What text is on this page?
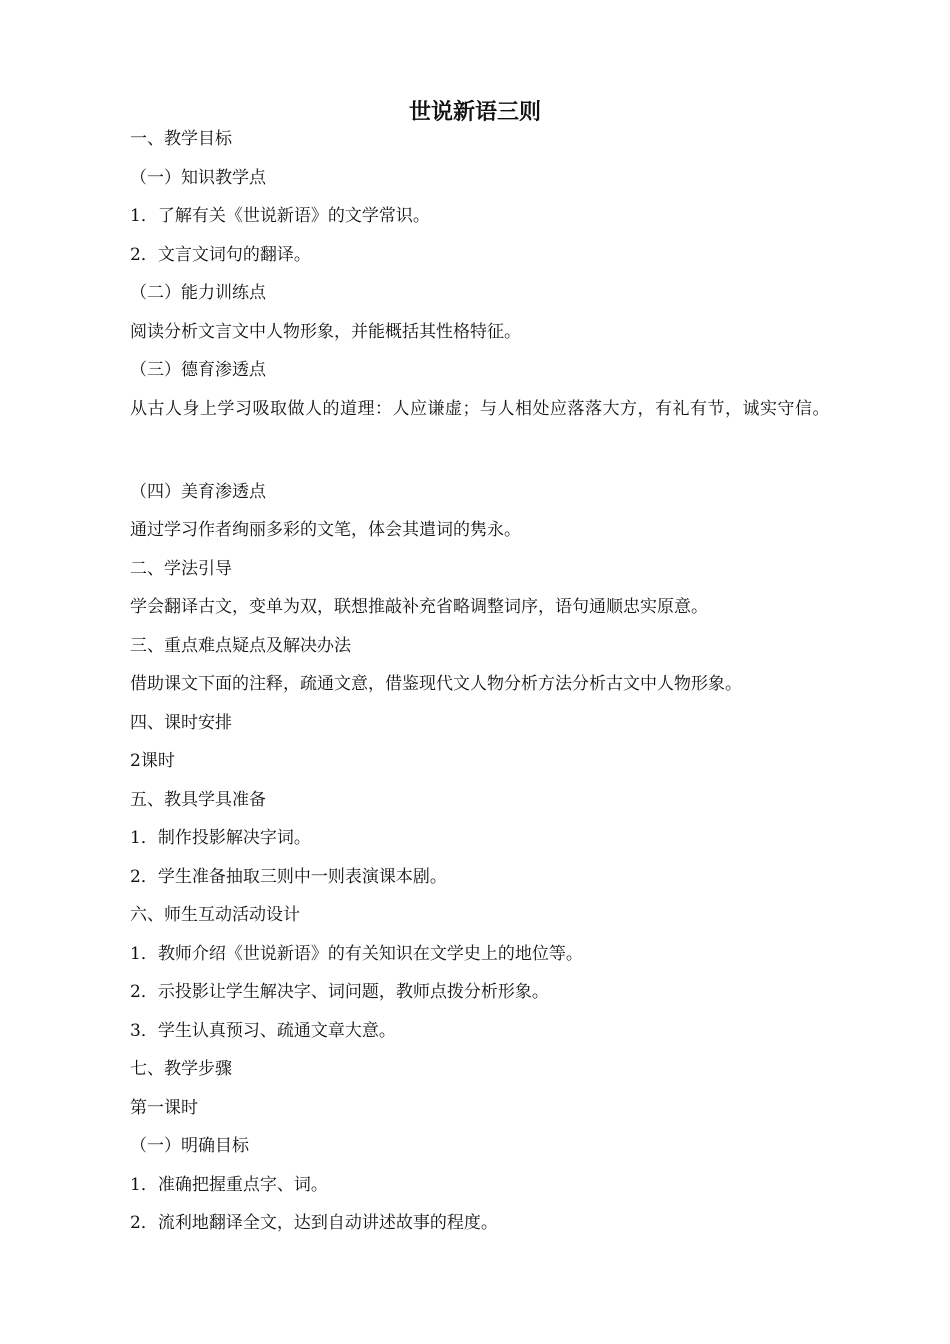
世说新语三则

一、教学目标

（一）知识教学点

1．了解有关《世说新语》的文学常识。

2．文言文词句的翻译。

（二）能力训练点

阅读分析文言文中人物形象，并能概括其性格特征。

（三）德育渗透点

从古人身上学习吸取做人的道理：人应谦虚；与人相处应落落大方，有礼有节，诚实守信。

（四）美育渗透点

通过学习作者绚丽多彩的文笔，体会其遣词的隽永。

二、学法引导

学会翻译古文，变单为双，联想推敲补充省略调整词序，语句通顺忠实原意。

三、重点难点疑点及解决办法

借助课文下面的注释，疏通文意，借鉴现代文人物分析方法分析古文中人物形象。

四、课时安排

2课时

五、教具学具准备

1．制作投影解决字词。

2．学生准备抽取三则中一则表演课本剧。

六、师生互动活动设计

1．教师介绍《世说新语》的有关知识在文学史上的地位等。

2．示投影让学生解决字、词问题，教师点拨分析形象。

3．学生认真预习、疏通文章大意。

七、教学步骤

第一课时

（一）明确目标

1．准确把握重点字、词。

2．流利地翻译全文，达到自动讲述故事的程度。
